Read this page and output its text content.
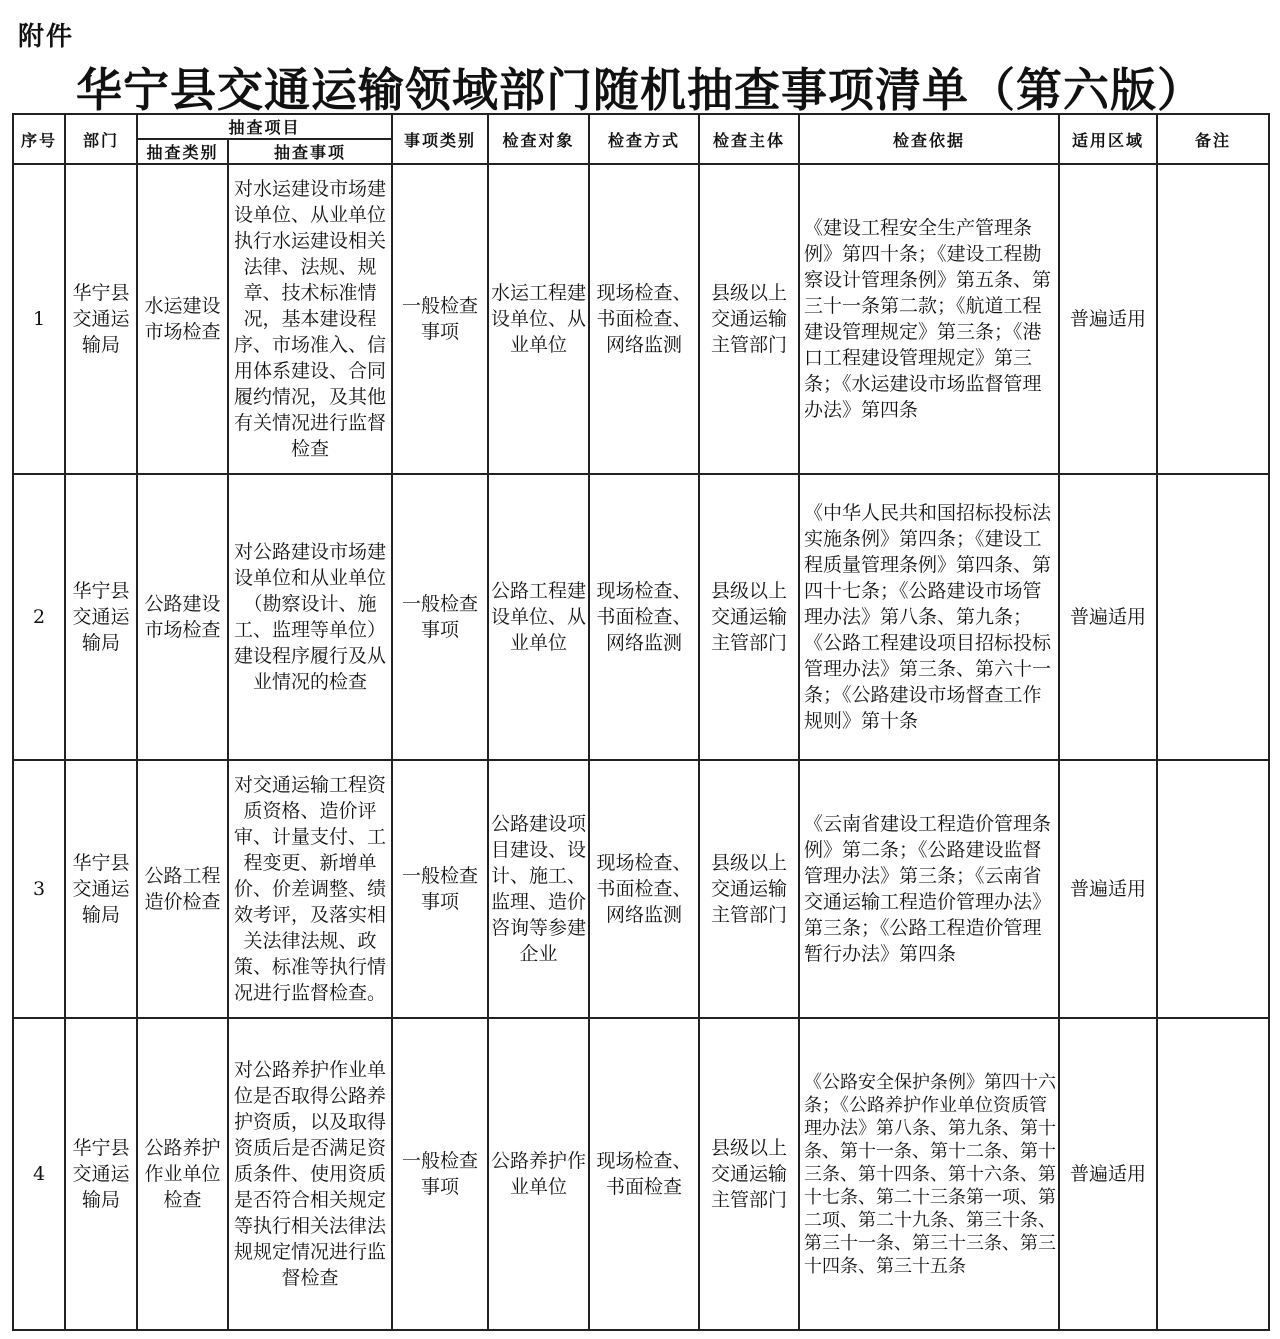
附件
华宁县交通运输领域部门随机抽查事项清单（第六版）
序号	部门	抽查项目		事项类别	检查对象	检查方式	检查主体	检查依据	适用区域	备注
		抽查类别	抽查事项							
1	华宁县交通运输局	水运建设市场检查	对水运建设市场建设单位、从业单位执行水运建设相关法律、法规、规章、技术标准情况，基本建设程序、市场准入、信用体系建设、合同履约情况，及其他有关情况进行监督检查	一般检查事项	水运工程建设单位、从业单位	现场检查、书面检查、网络监测	县级以上交通运输主管部门	《建设工程安全生产管理条例》第四十条；《建设工程勘察设计管理条例》第五条、第三十一条第二款；《航道工程建设管理规定》第三条；《港口工程建设管理规定》第三条；《水运建设市场监督管理办法》第四条	普遍适用	
2	华宁县交通运输局	公路建设市场检查	对公路建设市场建设单位和从业单位（勘察设计、施工、监理等单位）建设程序履行及从业情况的检查	一般检查事项	公路工程建设单位、从业单位	现场检查、书面检查、网络监测	县级以上交通运输主管部门	《中华人民共和国招标投标法实施条例》第四条；《建设工程质量管理条例》第四条、第四十七条；《公路建设市场管理办法》第八条、第九条；《公路工程建设项目招标投标管理办法》第三条、第六十一条；《公路建设市场督查工作规则》第十条	普遍适用	
3	华宁县交通运输局	公路工程造价检查	对交通运输工程资质资格、造价评审、计量支付、工程变更、新增单价、价差调整、绩效考评，及落实相关法律法规、政策、标准等执行情况进行监督检查。	一般检查事项	公路建设项目建设、设计、施工、监理、造价咨询等参建企业	现场检查、书面检查、网络监测	县级以上交通运输主管部门	《云南省建设工程造价管理条例》第二条；《公路建设监督管理办法》第三条；《云南省交通运输工程造价管理办法》第三条；《公路工程造价管理暂行办法》第四条	普遍适用	
4	华宁县交通运输局	公路养护作业单位检查	对公路养护作业单位是否取得公路养护资质，以及取得资质后是否满足资质条件、使用资质是否符合相关规定等执行相关法律法规规定情况进行监督检查	一般检查事项	公路养护作业单位	现场检查、书面检查	县级以上交通运输主管部门	《公路安全保护条例》第四十六条；《公路养护作业单位资质管理办法》第八条、第九条、第十条、第十一条、第十二条、第十三条、第十四条、第十六条、第十七条、第二十三条第一项、第二项、第二十九条、第三十条、第三十一条、第三十三条、第三十四条、第三十五条	普遍适用	
